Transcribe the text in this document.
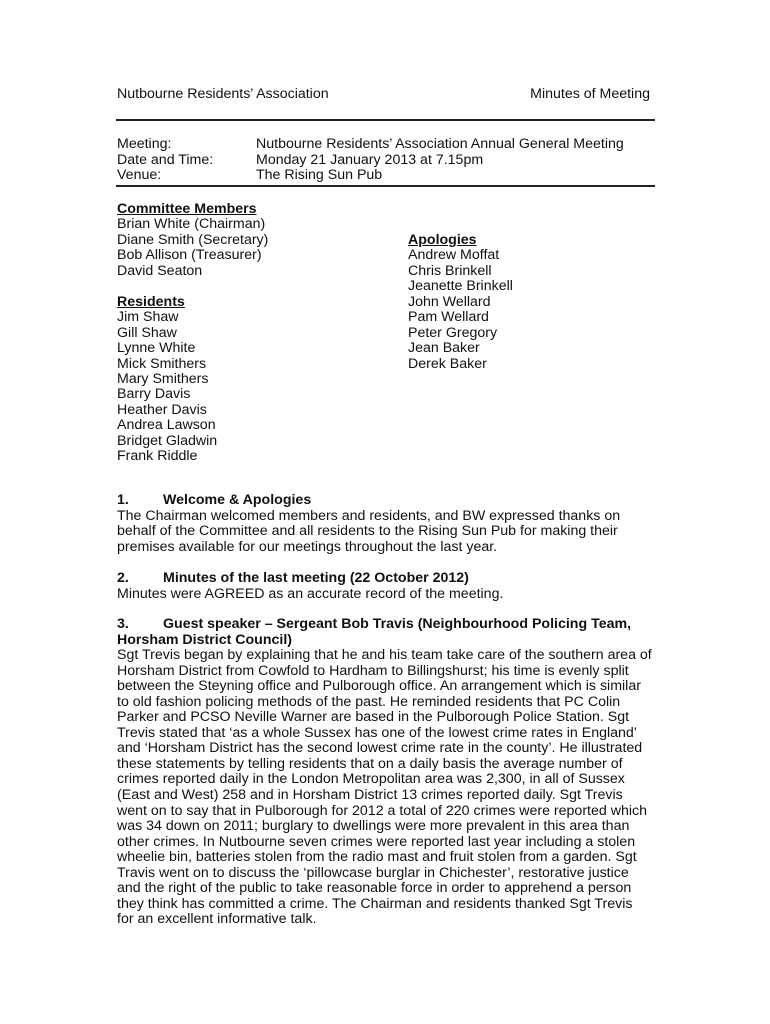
Nutbourne Residents’ Association	Minutes of Meeting
Meeting:	Nutbourne Residents’ Association Annual General Meeting
Date and Time:	Monday 21 January 2013 at 7.15pm
Venue:	The Rising Sun Pub
Committee Members
Brian White (Chairman)
Diane Smith (Secretary)
Bob Allison (Treasurer)
David Seaton
Residents
Jim Shaw
Gill Shaw
Lynne White
Mick Smithers
Mary Smithers
Barry Davis
Heather Davis
Andrea Lawson
Bridget Gladwin
Frank Riddle
Apologies
Andrew Moffat
Chris Brinkell
Jeanette Brinkell
John Wellard
Pam Wellard
Peter Gregory
Jean Baker
Derek Baker
1. Welcome & Apologies

The Chairman welcomed members and residents, and BW expressed thanks on

behalf of the Committee and all residents to the Rising Sun Pub for making their

premises available for our meetings throughout the last year.

2. Minutes of the last meeting (22 October 2012)

Minutes were AGREED as an accurate record of the meeting.

3. Guest speaker – Sergeant Bob Travis (Neighbourhood Policing Team,
Horsham District Council)

Sgt Trevis began by explaining that he and his team take care of the southern area of

Horsham District from Cowfold to Hardham to Billingshurst; his time is evenly split

between the Steyning office and Pulborough office. An arrangement which is similar

to old fashion policing methods of the past. He reminded residents that PC Colin

Parker and PCSO Neville Warner are based in the Pulborough Police Station. Sgt

Trevis stated that ‘as a whole Sussex has one of the lowest crime rates in England’

and ‘Horsham District has the second lowest crime rate in the county’. He illustrated

these statements by telling residents that on a daily basis the average number of

crimes reported daily in the London Metropolitan area was 2,300, in all of Sussex

(East and West) 258 and in Horsham District 13 crimes reported daily. Sgt Trevis

went on to say that in Pulborough for 2012 a total of 220 crimes were reported which

was 34 down on 2011; burglary to dwellings were more prevalent in this area than

other crimes. In Nutbourne seven crimes were reported last year including a stolen

wheelie bin, batteries stolen from the radio mast and fruit stolen from a garden. Sgt

Travis went on to discuss the ‘pillowcase burglar in Chichester’, restorative justice

and the right of the public to take reasonable force in order to apprehend a person

they think has committed a crime. The Chairman and residents thanked Sgt Trevis

for an excellent informative talk.
